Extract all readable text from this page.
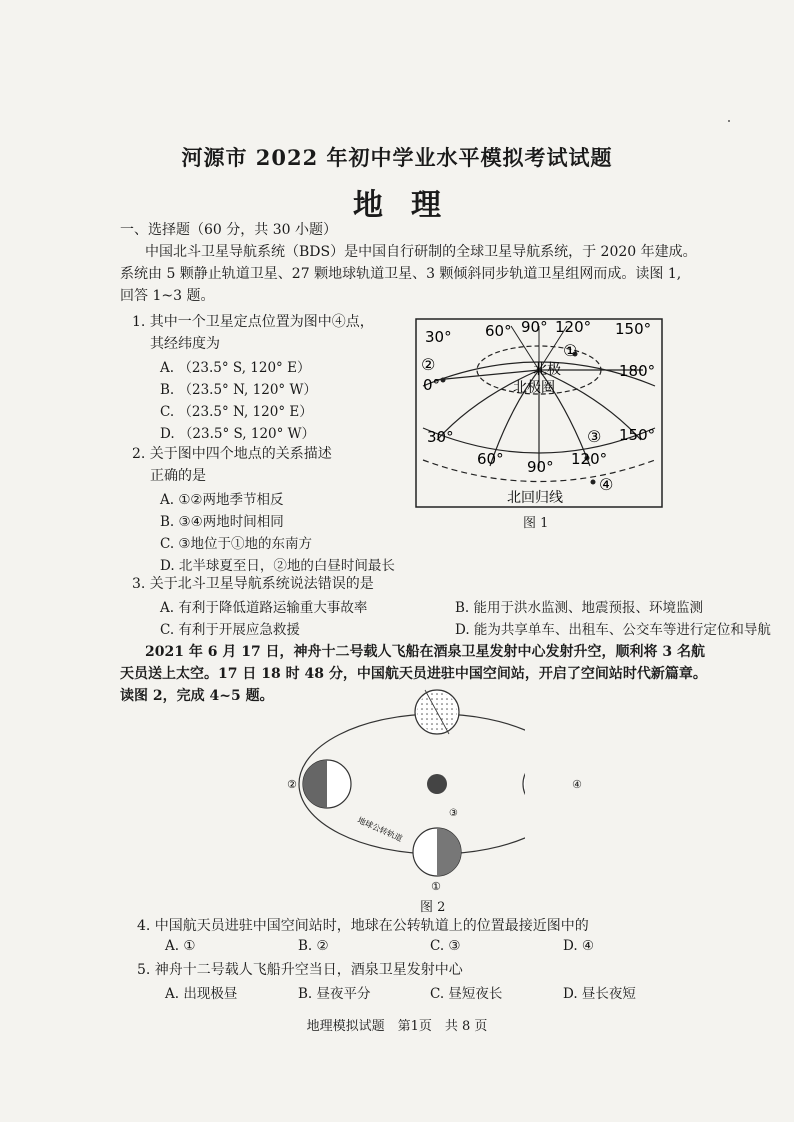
河源市 2022 年初中学业水平模拟考试试题
地理
一、选择题（60 分，共 30 小题）
中国北斗卫星导航系统（BDS）是中国自行研制的全球卫星导航系统，于 2020 年建成。
系统由 5 颗静止轨道卫星、27 颗地球轨道卫星、3 颗倾斜同步轨道卫星组网而成。读图 1,
回答 1~3 题。
1. 其中一个卫星定点位置为图中④点，
其经纬度为
A. （23.5° S, 120° E）
B. （23.5° N, 120° W）
C. （23.5° N, 120° E）
D. （23.5° S, 120° W）
2. 关于图中四个地点的关系描述
正确的是
A. ①②两地季节相反
B. ③④两地时间相同
C. ③地位于①地的东南方
D. 北半球夏至日，②地的白昼时间最长
3. 关于北斗卫星导航系统说法错误的是
A. 有利于降低道路运输重大事故率	B. 能用于洪水监测、地震预报、环境监测
C. 有利于开展应急救援	D. 能为共享单车、出租车、公交车等进行定位和导航
2021 年 6 月 17 日，神舟十二号载人飞船在酒泉卫星发射中心发射升空，顺利将 3 名航
天员送上太空。17 日 18 时 48 分，中国航天员进驻中国空间站，开启了空间站时代新篇章。
读图 2，完成 4~5 题。
30° 60° 90° 120° 150°
180°
0°
30°
60° 90° 120°
150°
北极
北极圈
北回归线
①
②
③
④
图 1
地球公转轨道
②
①
③
④
图 2
4. 中国航天员进驻中国空间站时，地球在公转轨道上的位置最接近图中的
A. ①	B. ②	C. ③	D. ④
5. 神舟十二号载人飞船升空当日，酒泉卫星发射中心
A. 出现极昼	B. 昼夜平分	C. 昼短夜长	D. 昼长夜短
地理模拟试题　第1页　共 8 页
